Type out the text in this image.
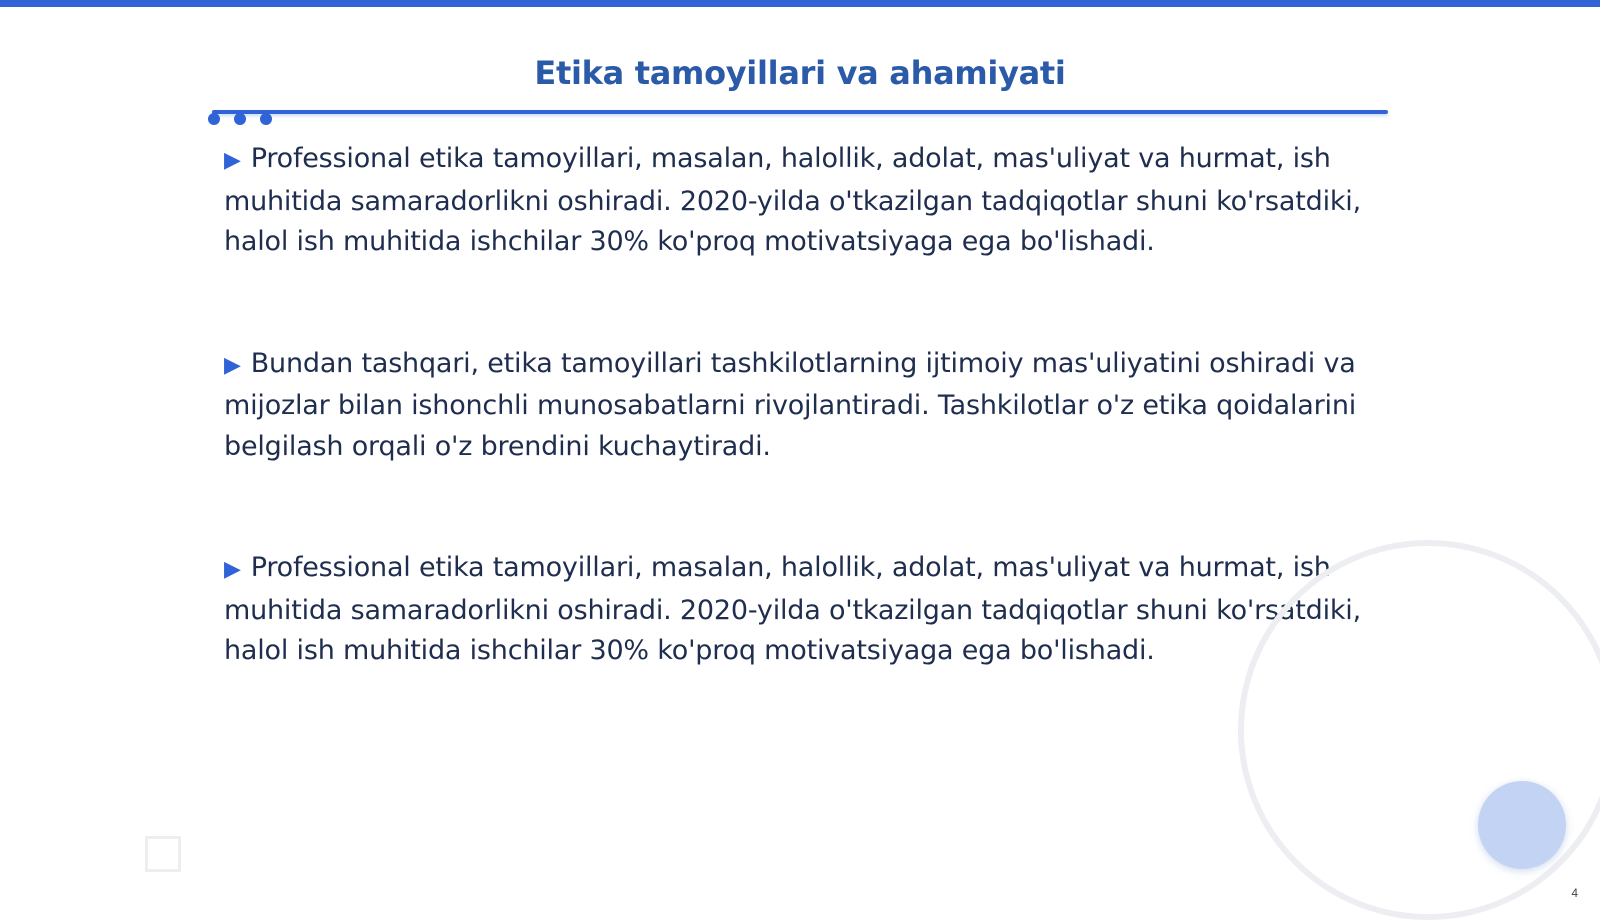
Etika tamoyillari va ahamiyati
▶ Professional etika tamoyillari, masalan, halollik, adolat, mas'uliyat va hurmat, ish muhitida samaradorlikni oshiradi. 2020-yilda o'tkazilgan tadqiqotlar shuni ko'rsatdiki, halol ish muhitida ishchilar 30% ko'proq motivatsiyaga ega bo'lishadi.
▶ Bundan tashqari, etika tamoyillari tashkilotlarning ijtimoiy mas'uliyatini oshiradi va mijozlar bilan ishonchli munosabatlarni rivojlantiradi. Tashkilotlar o'z etika qoidalarini belgilash orqali o'z brendini kuchaytiradi.
▶ Professional etika tamoyillari, masalan, halollik, adolat, mas'uliyat va hurmat, ish muhitida samaradorlikni oshiradi. 2020-yilda o'tkazilgan tadqiqotlar shuni ko'rsatdiki, halol ish muhitida ishchilar 30% ko'proq motivatsiyaga ega bo'lishadi.
4
